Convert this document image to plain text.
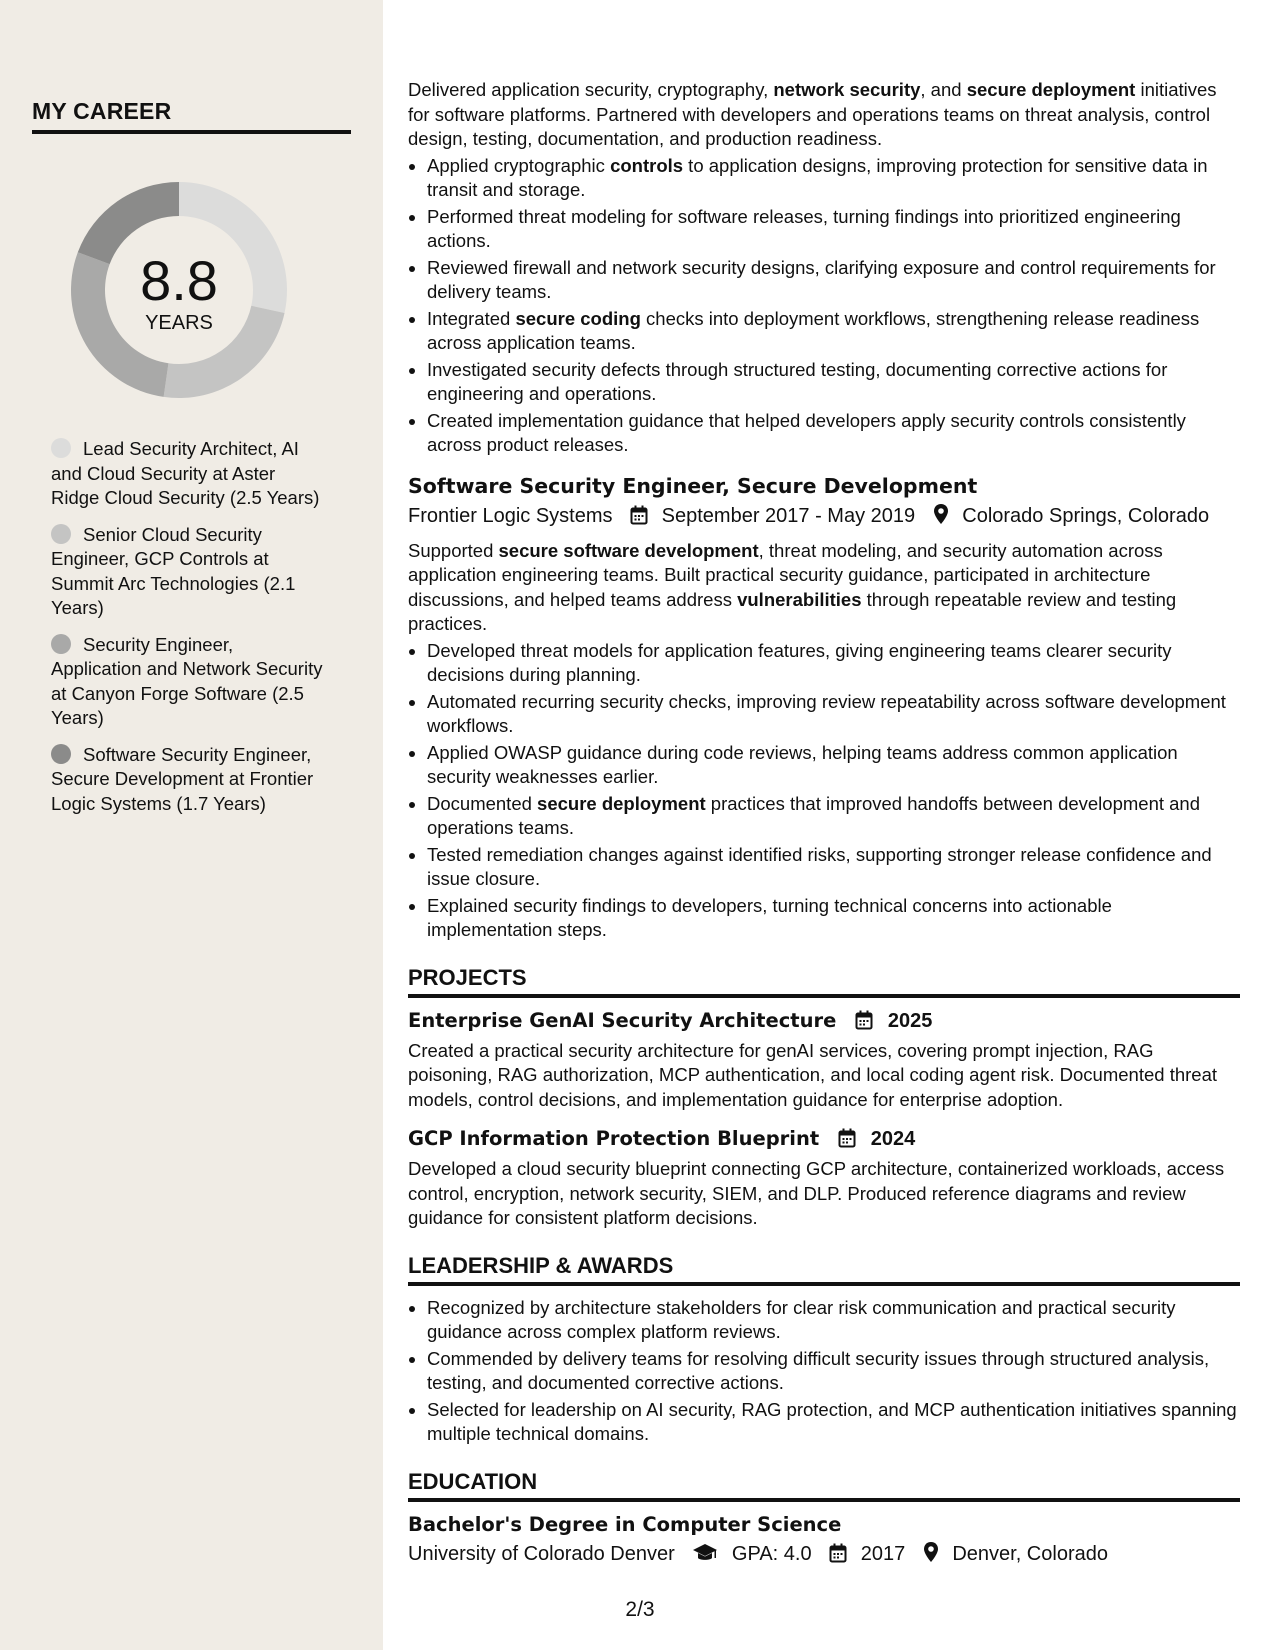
MY CAREER
8.8
YEARS
Lead Security Architect, AI and Cloud Security at Aster Ridge Cloud Security (2.5 Years)
Senior Cloud Security Engineer, GCP Controls at Summit Arc Technologies (2.1 Years)
Security Engineer, Application and Network Security at Canyon Forge Software (2.5 Years)
Software Security Engineer, Secure Development at Frontier Logic Systems (1.7 Years)

Delivered application security, cryptography, network security, and secure deployment initiatives for software platforms. Partnered with developers and operations teams on threat analysis, control design, testing, documentation, and production readiness.

• Applied cryptographic controls to application designs, improving protection for sensitive data in transit and storage.
• Performed threat modeling for software releases, turning findings into prioritized engineering actions.
• Reviewed firewall and network security designs, clarifying exposure and control requirements for delivery teams.
• Integrated secure coding checks into deployment workflows, strengthening release readiness across application teams.
• Investigated security defects through structured testing, documenting corrective actions for engineering and operations.
• Created implementation guidance that helped developers apply security controls consistently across product releases.
Software Security Engineer, Secure Development
Frontier Logic Systems September 2017 - May 2019 Colorado Springs, Colorado

Supported secure software development, threat modeling, and security automation across application engineering teams. Built practical security guidance, participated in architecture discussions, and helped teams address vulnerabilities through repeatable review and testing practices.

• Developed threat models for application features, giving engineering teams clearer security decisions during planning.
• Automated recurring security checks, improving review repeatability across software development workflows.
• Applied OWASP guidance during code reviews, helping teams address common application security weaknesses earlier.
• Documented secure deployment practices that improved handoffs between development and operations teams.
• Tested remediation changes against identified risks, supporting stronger release confidence and issue closure.
• Explained security findings to developers, turning technical concerns into actionable implementation steps.
PROJECTS
Enterprise GenAI Security Architecture	2025

Created a practical security architecture for genAI services, covering prompt injection, RAG poisoning, RAG authorization, MCP authentication, and local coding agent risk. Documented threat models, control decisions, and implementation guidance for enterprise adoption.

GCP Information Protection Blueprint	2024

Developed a cloud security blueprint connecting GCP architecture, containerized workloads, access control, encryption, network security, SIEM, and DLP. Produced reference diagrams and review guidance for consistent platform decisions.

LEADERSHIP & AWARDS
• Recognized by architecture stakeholders for clear risk communication and practical security guidance across complex platform reviews.
• Commended by delivery teams for resolving difficult security issues through structured analysis, testing, and documented corrective actions.
• Selected for leadership on AI security, RAG protection, and MCP authentication initiatives spanning multiple technical domains.
EDUCATION
Bachelor's Degree in Computer Science
University of Colorado Denver	GPA: 4.0 2017 Denver, Colorado
2/3
